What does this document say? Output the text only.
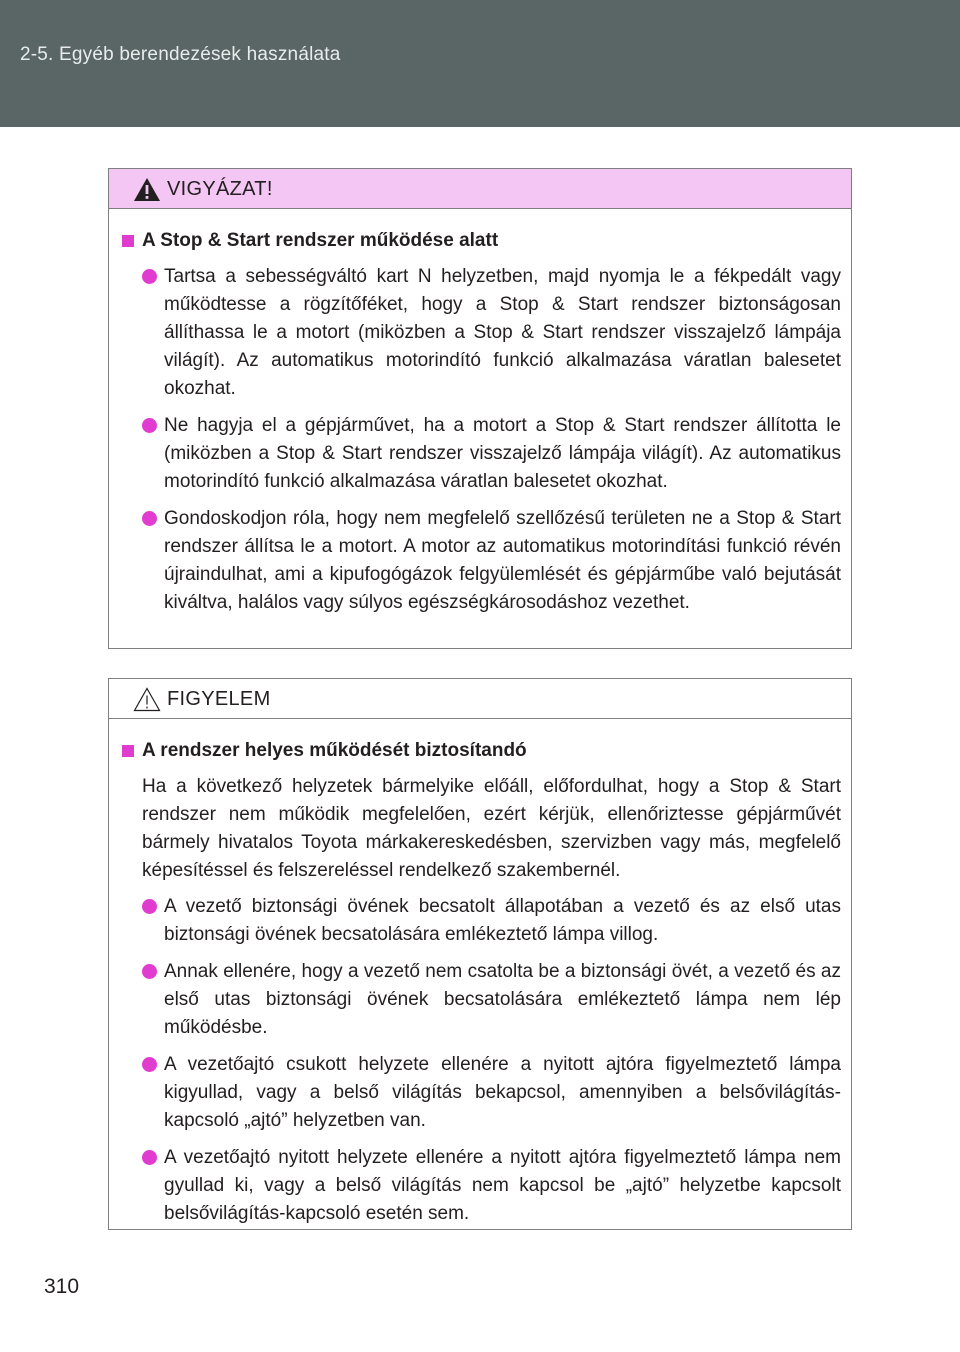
2-5. Egyéb berendezések használata
VIGYÁZAT!
A Stop & Start rendszer működése alatt
Tartsa a sebességváltó kart N helyzetben, majd nyomja le a fékpedált vagy működtesse a rögzítőféket, hogy a Stop & Start rendszer biztonságosan állíthassa le a motort (miközben a Stop & Start rendszer visszajelző lámpája világít). Az automatikus motorindító funkció alkalmazása váratlan balesetet okozhat.
Ne hagyja el a gépjárművet, ha a motort a Stop & Start rendszer állította le (miközben a Stop & Start rendszer visszajelző lámpája világít). Az automatikus motorindító funkció alkalmazása váratlan balesetet okozhat.
Gondoskodjon róla, hogy nem megfelelő szellőzésű területen ne a Stop & Start rendszer állítsa le a motort. A motor az automatikus motorindítási funkció révén újraindulhat, ami a kipufogógázok felgyülemlését és gépjárműbe való bejutását kiváltva, halálos vagy súlyos egészségkárosodáshoz vezethet.
FIGYELEM
A rendszer helyes működését biztosítandó
Ha a következő helyzetek bármelyike előáll, előfordulhat, hogy a Stop & Start rendszer nem működik megfelelően, ezért kérjük, ellenőriztesse gépjárművét bármely hivatalos Toyota márkakereskedésben, szervizben vagy más, megfelelő képesítéssel és felszereléssel rendelkező szakembernél.
A vezető biztonsági övének becsatolt állapotában a vezető és az első utas biztonsági övének becsatolására emlékeztető lámpa villog.
Annak ellenére, hogy a vezető nem csatolta be a biztonsági övét, a vezető és az első utas biztonsági övének becsatolására emlékeztető lámpa nem lép működésbe.
A vezetőajtó csukott helyzete ellenére a nyitott ajtóra figyelmeztető lámpa kigyullad, vagy a belső világítás bekapcsol, amennyiben a belsővilágítás-kapcsoló „ajtó” helyzetben van.
A vezetőajtó nyitott helyzete ellenére a nyitott ajtóra figyelmeztető lámpa nem gyullad ki, vagy a belső világítás nem kapcsol be „ajtó” helyzetbe kapcsolt belsővilágítás-kapcsoló esetén sem.
310
